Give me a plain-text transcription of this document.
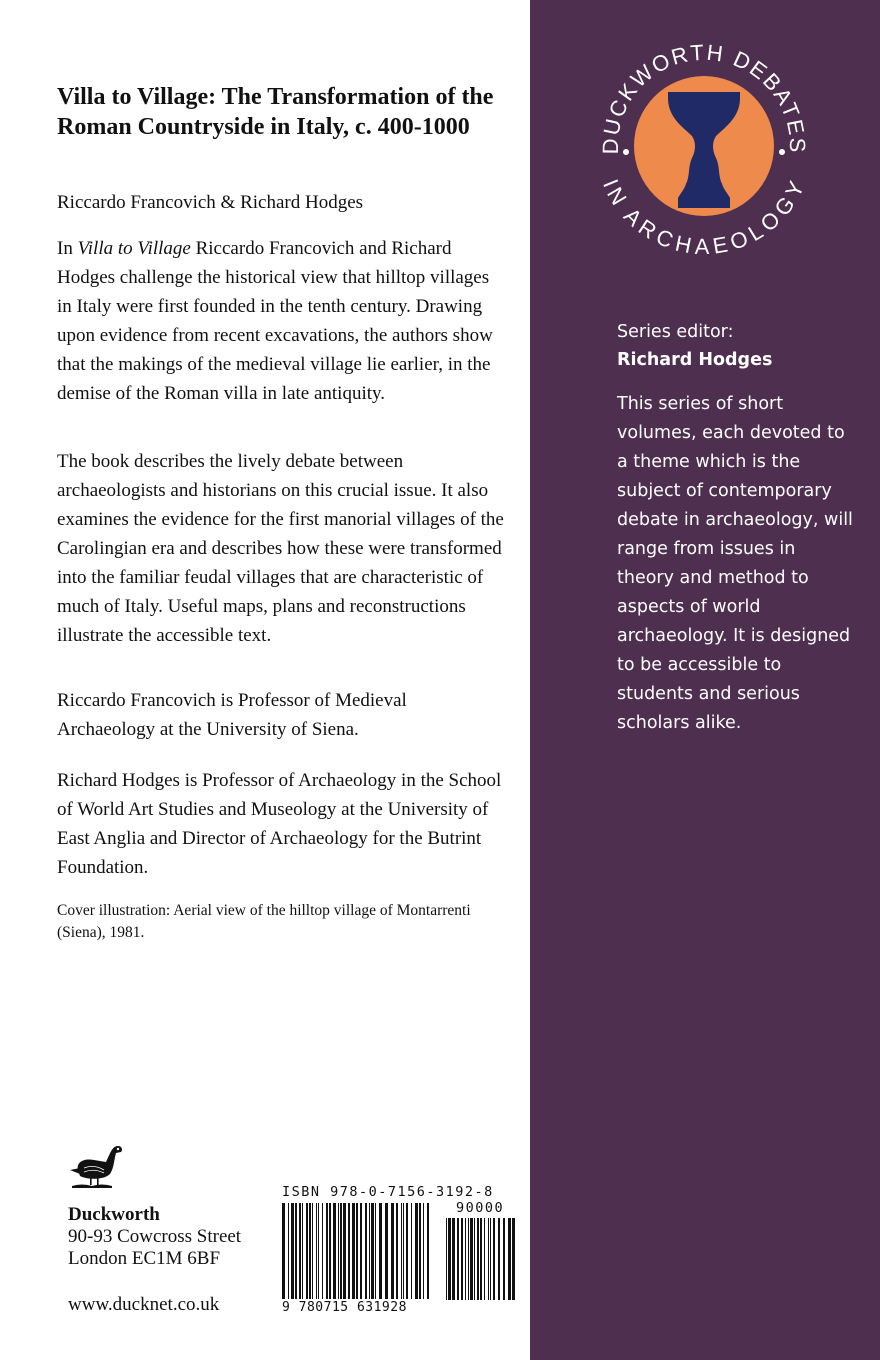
Villa to Village: The Transformation of the Roman Countryside in Italy, c. 400-1000

Riccardo Francovich & Richard Hodges

In Villa to Village Riccardo Francovich and Richard Hodges challenge the historical view that hilltop villages in Italy were first founded in the tenth century. Drawing upon evidence from recent excavations, the authors show that the makings of the medieval village lie earlier, in the demise of the Roman villa in late antiquity.

The book describes the lively debate between archaeologists and historians on this crucial issue. It also examines the evidence for the first manorial villages of the Carolingian era and describes how these were transformed into the familiar feudal villages that are characteristic of much of Italy. Useful maps, plans and reconstructions illustrate the accessible text.

Riccardo Francovich is Professor of Medieval Archaeology at the University of Siena.

Richard Hodges is Professor of Archaeology in the School of World Art Studies and Museology at the University of East Anglia and Director of Archaeology for the Butrint Foundation.

Cover illustration: Aerial view of the hilltop village of Montarrenti (Siena), 1981.

Duckworth
90-93 Cowcross Street
London EC1M 6BF
www.ducknet.co.uk
ISBN 978-0-7156-3192-8
90000
9 780715 631928
DUCKWORTH DEBATES
IN ARCHAEOLOGY
Series editor:
Richard Hodges

This series of short volumes, each devoted to a theme which is the subject of contemporary debate in archaeology, will range from issues in theory and method to aspects of world archaeology. It is designed to be accessible to students and serious scholars alike.
